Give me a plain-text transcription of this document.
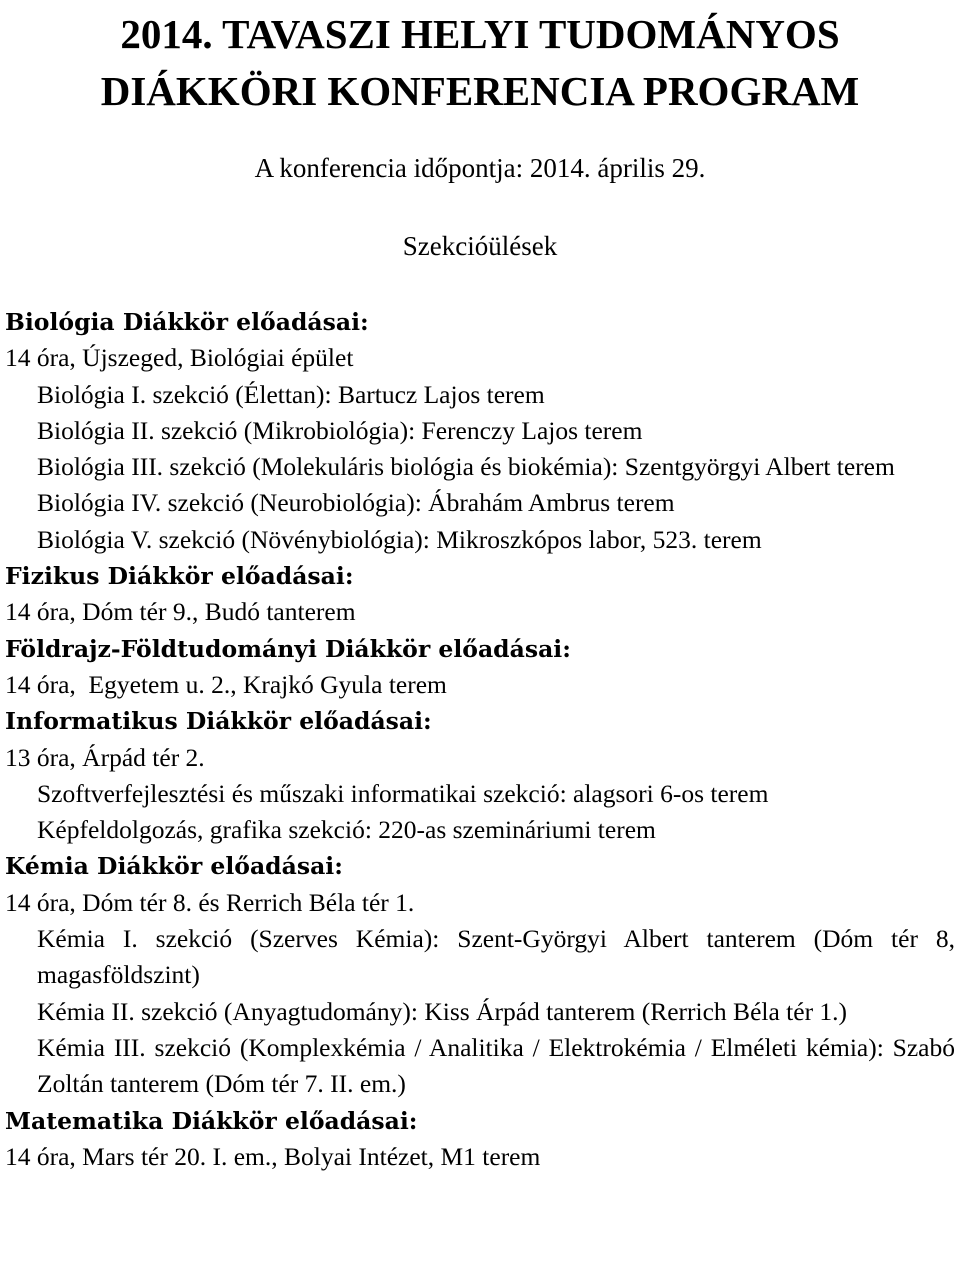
2014. TAVASZI HELYI TUDOMÁNYOS
DIÁKKÖRI KONFERENCIA PROGRAM

A konferencia időpontja: 2014. április 29.

Szekcióülések

Biológia Diákkör előadásai:
14 óra, Újszeged, Biológiai épület
Biológia I. szekció (Élettan): Bartucz Lajos terem
Biológia II. szekció (Mikrobiológia): Ferenczy Lajos terem
Biológia III. szekció (Molekuláris biológia és biokémia): Szentgyörgyi Albert terem
Biológia IV. szekció (Neurobiológia): Ábrahám Ambrus terem
Biológia V. szekció (Növénybiológia): Mikroszkópos labor, 523. terem
Fizikus Diákkör előadásai:
14 óra, Dóm tér 9., Budó tanterem
Földrajz-Földtudományi Diákkör előadásai:
14 óra,  Egyetem u. 2., Krajkó Gyula terem
Informatikus Diákkör előadásai:
13 óra, Árpád tér 2.
Szoftverfejlesztési és műszaki informatikai szekció: alagsori 6-os terem
Képfeldolgozás, grafika szekció: 220-as szemináriumi terem
Kémia Diákkör előadásai:
14 óra, Dóm tér 8. és Rerrich Béla tér 1.
Kémia I. szekció (Szerves Kémia): Szent-Györgyi Albert tanterem (Dóm tér 8, magasföldszint)
Kémia II. szekció (Anyagtudomány): Kiss Árpád tanterem (Rerrich Béla tér 1.)
Kémia III. szekció (Komplexkémia / Analitika / Elektrokémia / Elméleti kémia): Szabó Zoltán tanterem (Dóm tér 7. II. em.)
Matematika Diákkör előadásai:
14 óra, Mars tér 20. I. em., Bolyai Intézet, M1 terem
